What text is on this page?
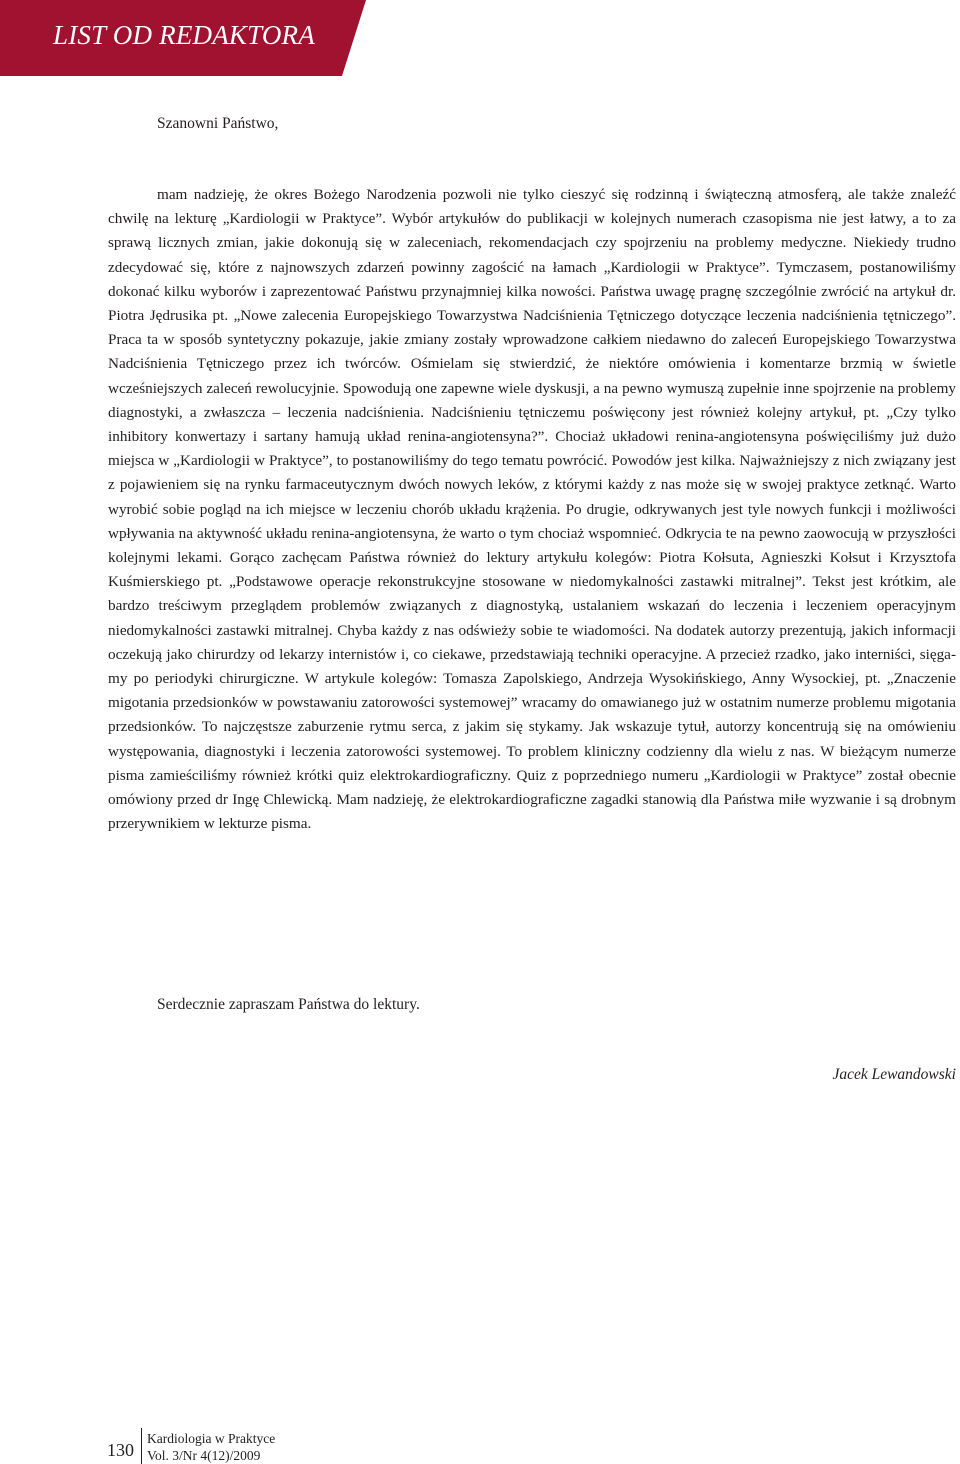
LIST OD REDAKTORA
Szanowni Państwo,

mam nadzieję, że okres Bożego Narodzenia pozwoli nie tylko cieszyć się rodzinną i świąteczną atmosferą, ale także znaleźć chwilę na lekturę „Kardiologii w Praktyce”. Wybór artykułów do publikacji w kolejnych numerach czasopisma nie jest łatwy, a to za sprawą licznych zmian, jakie dokonują się w zaleceniach, rekomendacjach czy spojrzeniu na problemy medyczne. Niekiedy trudno zdecydować się, które z najnowszych zdarzeń powinny zagościć na łamach „Kardiologii w Praktyce”. Tymczasem, postanowiliśmy dokonać kilku wyborów i zaprezentować Państwu przynajmniej kilka nowości. Państwa uwagę pragnę szczególnie zwrócić na artykuł dr. Piotra Jędrusika pt. „Nowe zalecenia Europejskiego Towarzystwa Nadciśnienia Tętniczego dotyczące leczenia nadciśnienia tętniczego”. Praca ta w sposób syntetyczny pokazuje, jakie zmiany zostały wprowadzone całkiem niedawno do zaleceń Europejskiego Towarzystwa Nadciśnienia Tętniczego przez ich twórców. Ośmielam się stwierdzić, że niektóre omówienia i komentarze brzmią w świetle wcześniejszych zaleceń rewolucyjnie. Spowodują one zapewne wiele dyskusji, a na pewno wymuszą zupełnie inne spojrzenie na problemy diagnostyki, a zwłaszcza – leczenia nadciśnienia. Nadciśnieniu tętniczemu poświęcony jest również kolejny artykuł, pt. „Czy tylko inhibitory konwertazy i sartany hamują układ renina-angiotensyna?”. Chociaż układowi renina-angiotensyna poświęciliśmy już dużo miejsca w „Kardiologii w Praktyce”, to postanowiliśmy do tego tematu powrócić. Powodów jest kilka. Najważniejszy z nich związany jest z pojawieniem się na rynku farmaceutycznym dwóch nowych leków, z którymi każdy z nas może się w swojej praktyce zetknąć. Warto wyrobić sobie pogląd na ich miejsce w leczeniu chorób układu krążenia. Po drugie, odkrywanych jest tyle nowych funkcji i możliwości wpływania na aktywność układu renina-angiotensyna, że warto o tym chociaż wspomnieć. Odkrycia te na pewno zaowocują w przyszłości kolejnymi lekami. Gorąco zachęcam Państwa również do lektury artykułu kolegów: Piotra Kołsuta, Agnieszki Kołsut i Krzysztofa Kuśmierskiego pt. „Podstawowe operacje rekonstrukcyjne stosowane w niedomykalności zastawki mitralnej”. Tekst jest krótkim, ale bardzo treściwym przeglądem problemów związanych z diagnostyką, ustalaniem wskazań do leczenia i leczeniem operacyjnym niedomykalności zastawki mitralnej. Chyba każdy z nas odświeży sobie te wiadomości. Na dodatek autorzy prezentują, jakich informacji oczekują jako chirurdzy od lekarzy internistów i, co ciekawe, przedstawiają techniki operacyjne. A przecież rzadko, jako interniści, sięgamy po periodyki chirurgiczne. W artykule kolegów: Tomasza Zapolskiego, Andrzeja Wysokińskiego, Anny Wysockiej, pt. „Znaczenie migotania przedsionków w powstawaniu zatorowości systemowej” wracamy do omawianego już w ostatnim numerze problemu migotania przedsionków. To najczęstsze zaburzenie rytmu serca, z jakim się stykamy. Jak wskazuje tytuł, autorzy koncentrują się na omówieniu występowania, diagnostyki i leczenia zatorowości systemowej. To problem kliniczny codzienny dla wielu z nas. W bieżącym numerze pisma zamieściliśmy również krótki quiz elektrokardiograficzny. Quiz z poprzedniego numeru „Kardiologii w Praktyce” został obecnie omówiony przed dr Ingę Chlewicką. Mam nadzieję, że elektrokardiograficzne zagadki stanowią dla Państwa miłe wyzwanie i są drobnym przerywnikiem w lekturze pisma.

Serdecznie zapraszam Państwa do lektury.
Jacek Lewandowski
130
Kardiologia w Praktyce
Vol. 3/Nr 4(12)/2009
